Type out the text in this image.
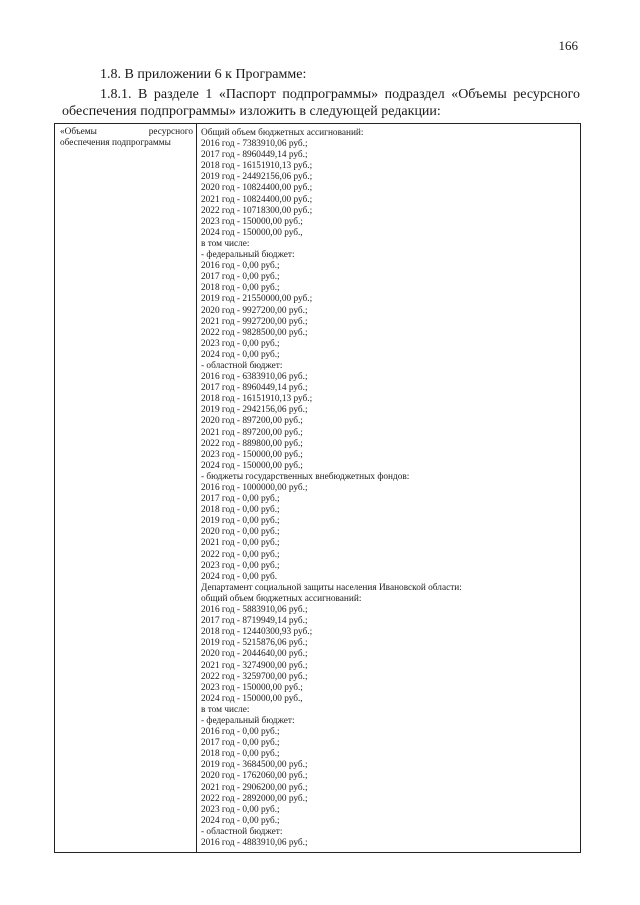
166
1.8. В приложении 6 к Программе:
1.8.1. В разделе 1 «Паспорт подпрограммы» подраздел «Объемы ресурсного обеспечения подпрограммы» изложить в следующей редакции:
«Объемы ресурсного
обеспечения подпрограммы
Общий объем бюджетных ассигнований:
2016 год - 7383910,06 руб.;
2017 год - 8960449,14 руб.;
2018 год - 16151910,13 руб.;
2019 год - 24492156,06 руб.;
2020 год - 10824400,00 руб.;
2021 год - 10824400,00 руб.;
2022 год - 10718300,00 руб.;
2023 год - 150000,00 руб.;
2024 год - 150000,00 руб.,
в том числе:
- федеральный бюджет:
2016 год - 0,00 руб.;
2017 год - 0,00 руб.;
2018 год - 0,00 руб.;
2019 год - 21550000,00 руб.;
2020 год - 9927200,00 руб.;
2021 год - 9927200,00 руб.;
2022 год - 9828500,00 руб.;
2023 год - 0,00 руб.;
2024 год - 0,00 руб.;
- областной бюджет:
2016 год - 6383910,06 руб.;
2017 год - 8960449,14 руб.;
2018 год - 16151910,13 руб.;
2019 год - 2942156,06 руб.;
2020 год - 897200,00 руб.;
2021 год - 897200,00 руб.;
2022 год - 889800,00 руб.;
2023 год - 150000,00 руб.;
2024 год - 150000,00 руб.;
- бюджеты государственных внебюджетных фондов:
2016 год - 1000000,00 руб.;
2017 год - 0,00 руб.;
2018 год - 0,00 руб.;
2019 год - 0,00 руб.;
2020 год - 0,00 руб.;
2021 год - 0,00 руб.;
2022 год - 0,00 руб.;
2023 год - 0,00 руб.;
2024 год - 0,00 руб.
Департамент социальной защиты населения Ивановской области:
общий объем бюджетных ассигнований:
2016 год - 5883910,06 руб.;
2017 год - 8719949,14 руб.;
2018 год - 12440300,93 руб.;
2019 год - 5215876,06 руб.;
2020 год - 2044640,00 руб.;
2021 год - 3274900,00 руб.;
2022 год - 3259700,00 руб.;
2023 год - 150000,00 руб.;
2024 год - 150000,00 руб.,
в том числе:
- федеральный бюджет:
2016 год - 0,00 руб.;
2017 год - 0,00 руб.;
2018 год - 0,00 руб.;
2019 год - 3684500,00 руб.;
2020 год - 1762060,00 руб.;
2021 год - 2906200,00 руб.;
2022 год - 2892000,00 руб.;
2023 год - 0,00 руб.;
2024 год - 0,00 руб.;
- областной бюджет:
2016 год - 4883910,06 руб.;
